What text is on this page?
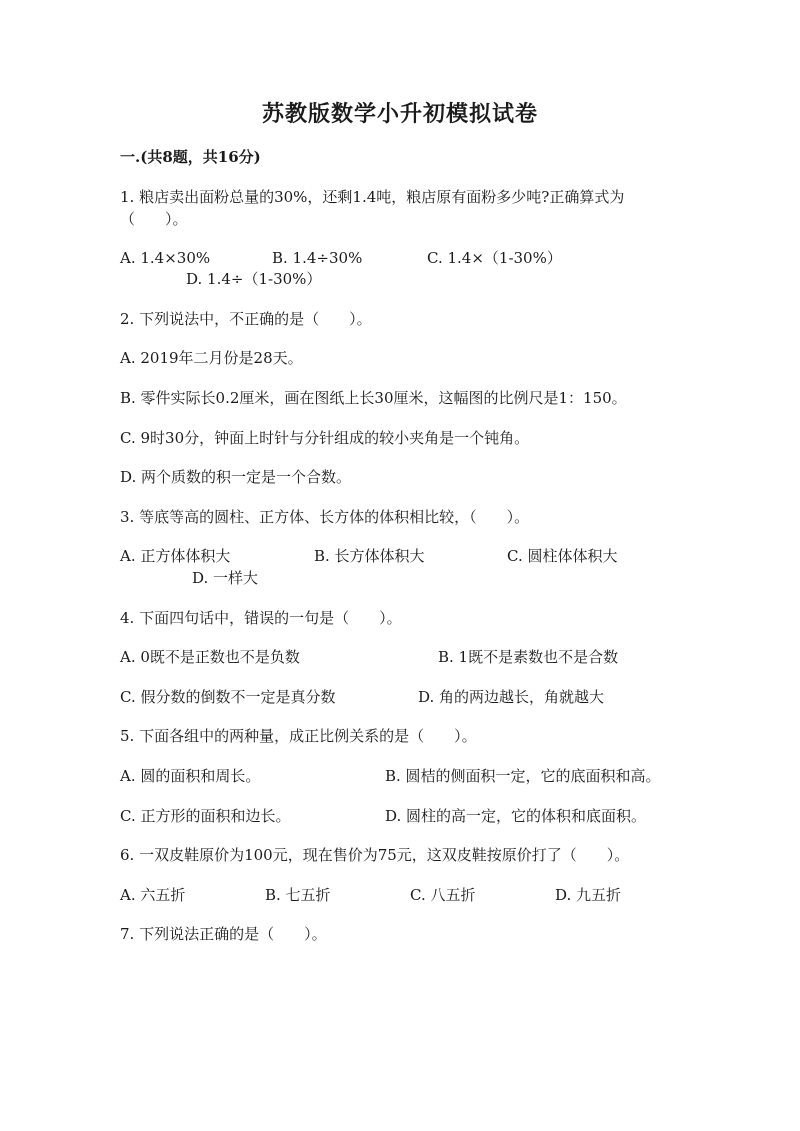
苏教版数学小升初模拟试卷
一.(共8题，共16分)
1. 粮店卖出面粉总量的30%，还剩1.4吨，粮店原有面粉多少吨?正确算式为
（　　）。
A. 1.4×30%	B. 1.4÷30%	C. 1.4×（1-30%）
D. 1.4÷（1-30%）
2. 下列说法中，不正确的是（　　）。
A. 2019年二月份是28天。
B. 零件实际长0.2厘米，画在图纸上长30厘米，这幅图的比例尺是1：150。
C. 9时30分，钟面上时针与分针组成的较小夹角是一个钝角。
D. 两个质数的积一定是一个合数。
3. 等底等高的圆柱、正方体、长方体的体积相比较，（　　）。
A. 正方体体积大	B. 长方体体积大	C. 圆柱体体积大
D. 一样大
4. 下面四句话中，错误的一句是（　　）。
A. 0既不是正数也不是负数	B. 1既不是素数也不是合数
C. 假分数的倒数不一定是真分数	D. 角的两边越长，角就越大
5. 下面各组中的两种量，成正比例关系的是（　　）。
A. 圆的面积和周长。	B. 圆桔的侧面积一定，它的底面积和高。
C. 正方形的面积和边长。	D. 圆柱的高一定，它的体积和底面积。
6. 一双皮鞋原价为100元，现在售价为75元，这双皮鞋按原价打了（　　）。
A. 六五折	B. 七五折	C. 八五折	D. 九五折
7. 下列说法正确的是（　　）。
